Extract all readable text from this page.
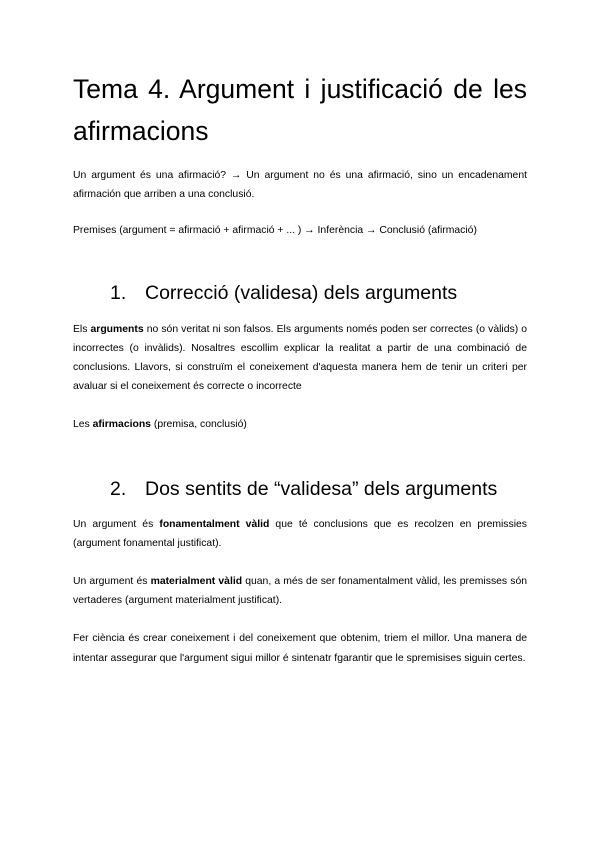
Tema 4. Argument i justificació de les afirmacions

Un argument és una afirmació? → Un argument no és una afirmació, sino un encadenament afirmación que arriben a una conclusió.

Premises (argument = afirmació + afirmació + ... ) → Inferència → Conclusió (afirmació)

1. Correcció (validesa) dels arguments

Els arguments no són veritat ni son falsos. Els arguments només poden ser correctes (o vàlids) o incorrectes (o invàlids). Nosaltres escollim explicar la realitat a partir de una combinació de conclusions. Llavors, si construïm el coneixement d'aquesta manera hem de tenir un criteri per avaluar si el coneixement és correcte o incorrecte

Les afirmacions (premisa, conclusió)

2. Dos sentits de “validesa” dels arguments

Un argument és fonamentalment vàlid que té conclusions que es recolzen en premissies (argument fonamental justificat).

Un argument és materialment vàlid quan, a més de ser fonamentalment vàlid, les premisses són vertaderes (argument materialment justificat).

Fer ciència és crear coneixement i del coneixement que obtenim, triem el millor. Una manera de intentar assegurar que l'argument sigui millor é sintenatr fgarantir que le spremisises siguin certes.
